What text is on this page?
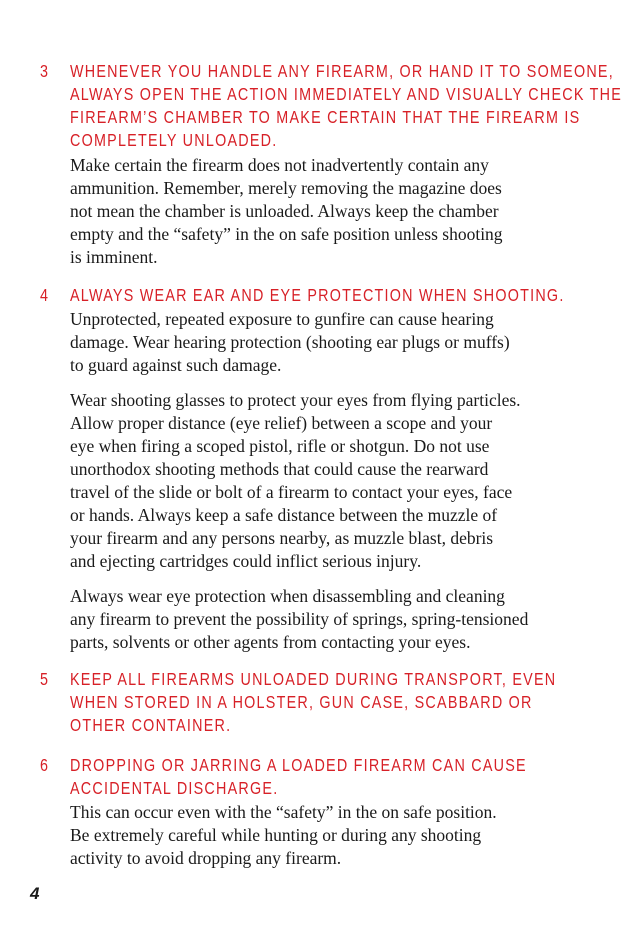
3 WHENEVER YOU HANDLE ANY FIREARM, OR HAND IT TO SOMEONE,
ALWAYS OPEN THE ACTION IMMEDIATELY AND VISUALLY CHECK THE
FIREARM’S CHAMBER TO MAKE CERTAIN THAT THE FIREARM IS
COMPLETELY UNLOADED.
Make certain the firearm does not inadvertently contain any
ammunition. Remember, merely removing the magazine does
not mean the chamber is unloaded. Always keep the chamber
empty and the “safety” in the on safe position unless shooting
is imminent.
4 ALWAYS WEAR EAR AND EYE PROTECTION WHEN SHOOTING.
Unprotected, repeated exposure to gunfire can cause hearing
damage. Wear hearing protection (shooting ear plugs or muffs)
to guard against such damage.
Wear shooting glasses to protect your eyes from flying particles.
Allow proper distance (eye relief) between a scope and your
eye when firing a scoped pistol, rifle or shotgun. Do not use
unorthodox shooting methods that could cause the rearward
travel of the slide or bolt of a firearm to contact your eyes, face
or hands. Always keep a safe distance between the muzzle of
your firearm and any persons nearby, as muzzle blast, debris
and ejecting cartridges could inflict serious injury.
Always wear eye protection when disassembling and cleaning
any firearm to prevent the possibility of springs, spring-tensioned
parts, solvents or other agents from contacting your eyes.
5 KEEP ALL FIREARMS UNLOADED DURING TRANSPORT, EVEN
WHEN STORED IN A HOLSTER, GUN CASE, SCABBARD OR
OTHER CONTAINER.
6 DROPPING OR JARRING A LOADED FIREARM CAN CAUSE
ACCIDENTAL DISCHARGE.
This can occur even with the “safety” in the on safe position.
Be extremely careful while hunting or during any shooting
activity to avoid dropping any firearm.
4
